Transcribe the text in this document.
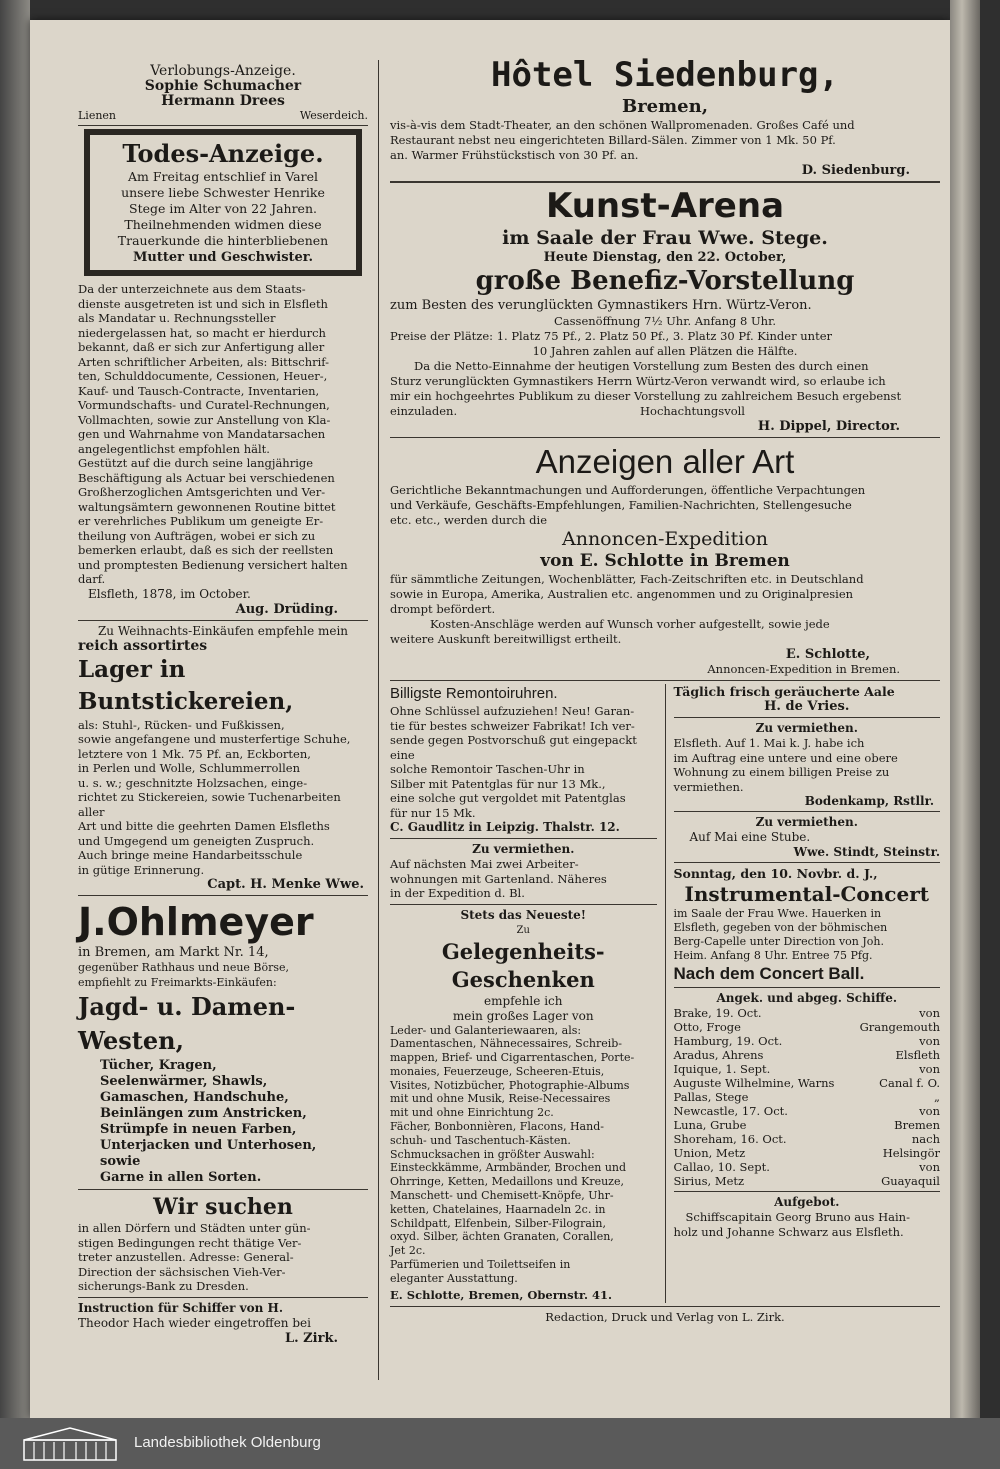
Verlobungs-Anzeige.

Sophie Schumacher

Hermann Drees

Lienen	Weserdeich.

Todes-Anzeige.

Am Freitag entschlief in Varel

unsere liebe Schwester Henrike

Stege im Alter von 22 Jahren.

Theilnehmenden widmen diese

Trauerkunde die hinterbliebenen

Mutter und Geschwister.

Da der unterzeichnete aus dem Staats-

dienste ausgetreten ist und sich in Elsfleth

als Mandatar u. Rechnungssteller

niedergelassen hat, so macht er hierdurch

bekannt, daß er sich zur Anfertigung aller

Arten schriftlicher Arbeiten, als: Bittschrif-

ten, Schulddocumente, Cessionen, Heuer-,

Kauf- und Tausch-Contracte, Inventarien,

Vormundschafts- und Curatel-Rechnungen,

Vollmachten, sowie zur Anstellung von Kla-

gen und Wahrnahme von Mandatarsachen

angelegentlichst empfohlen hält.

Gestützt auf die durch seine langjährige

Beschäftigung als Actuar bei verschiedenen

Großherzoglichen Amtsgerichten und Ver-

waltungsämtern gewonnenen Routine bittet

er verehrliches Publikum um geneigte Er-

theilung von Aufträgen, wobei er sich zu

bemerken erlaubt, daß es sich der reellsten

und promptesten Bedienung versichert halten

darf.

Elsfleth, 1878, im October.

Aug. Drüding.

Zu Weihnachts-Einkäufen empfehle mein

reich assortirtes

Lager in Buntstickereien,

als: Stuhl-, Rücken- und Fußkissen,

sowie angefangene und musterfertige Schuhe,

letztere von 1 Mk. 75 Pf. an, Eckborten,

in Perlen und Wolle, Schlummerrollen

u. s. w.; geschnitzte Holzsachen, einge-

richtet zu Stickereien, sowie Tuchenarbeiten aller

Art und bitte die geehrten Damen Elsfleths

und Umgegend um geneigten Zuspruch.

Auch bringe meine Handarbeitsschule

in gütige Erinnerung.

Capt. H. Menke Wwe.

J.Ohlmeyer

in Bremen, am Markt Nr. 14,

gegenüber Rathhaus und neue Börse,

empfiehlt zu Freimarkts-Einkäufen:

Jagd- u. Damen-Westen,

Tücher, Kragen,

Seelenwärmer, Shawls,

Gamaschen, Handschuhe,

Beinlängen zum Anstricken,

Strümpfe in neuen Farben,

Unterjacken und Unterhosen,

sowie

Garne in allen Sorten.

Wir suchen

in allen Dörfern und Städten unter gün-

stigen Bedingungen recht thätige Ver-

treter anzustellen. Adresse: General-

Direction der sächsischen Vieh-Ver-

sicherungs-Bank zu Dresden.

Instruction für Schiffer von H.

Theodor Hach wieder eingetroffen bei

L. Zirk.

Hôtel Siedenburg,

Bremen,

vis-à-vis dem Stadt-Theater, an den schönen Wallpromenaden. Großes Café und

Restaurant nebst neu eingerichteten Billard-Sälen. Zimmer von 1 Mk. 50 Pf.

an. Warmer Frühstückstisch von 30 Pf. an.

D. Siedenburg.

Kunst-Arena

im Saale der Frau Wwe. Stege.

Heute Dienstag, den 22. October,

große Benefiz-Vorstellung

zum Besten des verunglückten Gymnastikers Hrn. Würtz-Veron.

Cassenöffnung 7½ Uhr. Anfang 8 Uhr.

Preise der Plätze: 1. Platz 75 Pf., 2. Platz 50 Pf., 3. Platz 30 Pf. Kinder unter

10 Jahren zahlen auf allen Plätzen die Hälfte.

Da die Netto-Einnahme der heutigen Vorstellung zum Besten des durch einen

Sturz verunglückten Gymnastikers Herrn Würtz-Veron verwandt wird, so erlaube ich

mir ein hochgeehrtes Publikum zu dieser Vorstellung zu zahlreichem Besuch ergebenst

einzuladen.	Hochachtungsvoll

H. Dippel, Director.

Anzeigen aller Art

Gerichtliche Bekanntmachungen und Aufforderungen, öffentliche Verpachtungen

und Verkäufe, Geschäfts-Empfehlungen, Familien-Nachrichten, Stellengesuche

etc. etc., werden durch die

Annoncen-Expedition

von E. Schlotte in Bremen

für sämmtliche Zeitungen, Wochenblätter, Fach-Zeitschriften etc. in Deutschland

sowie in Europa, Amerika, Australien etc. angenommen und zu Originalpresien

drompt befördert.

Kosten-Anschläge werden auf Wunsch vorher aufgestellt, sowie jede

weitere Auskunft bereitwilligst ertheilt.

E. Schlotte,

Annoncen-Expedition in Bremen.

Billigste Remontoiruhren.

Ohne Schlüssel aufzuziehen! Neu! Garan-

tie für bestes schweizer Fabrikat! Ich ver-

sende gegen Postvorschuß gut eingepackt eine

solche Remontoir Taschen-Uhr in

Silber mit Patentglas für nur 13 Mk.,

eine solche gut vergoldet mit Patentglas

für nur 15 Mk.

C. Gaudlitz in Leipzig. Thalstr. 12.

Zu vermiethen.

Auf nächsten Mai zwei Arbeiter-

wohnungen mit Gartenland. Näheres

in der Expedition d. Bl.

Stets das Neueste!

Zu

Gelegenheits-Geschenken

empfehle ich

mein großes Lager von

Leder- und Galanteriewaaren, als:

Damentaschen, Nähnecessaires, Schreib-

mappen, Brief- und Cigarrentaschen, Porte-

monaies, Feuerzeuge, Scheeren-Etuis,

Visites, Notizbücher, Photographie-Albums

mit und ohne Musik, Reise-Necessaires

mit und ohne Einrichtung 2c.

Fächer, Bonbonnièren, Flacons, Hand-

schuh- und Taschentuch-Kästen.

Schmucksachen in größter Auswahl:

Einsteckkämme, Armbänder, Brochen und

Ohrringe, Ketten, Medaillons und Kreuze,

Manschett- und Chemisett-Knöpfe, Uhr-

ketten, Chatelaines, Haarnadeln 2c. in

Schildpatt, Elfenbein, Silber-Filograin,

oxyd. Silber, ächten Granaten, Corallen,

Jet 2c.

Parfümerien und Toilettseifen in

eleganter Ausstattung.

E. Schlotte, Bremen, Obernstr. 41.

Täglich frisch geräucherte Aale

H. de Vries.

Zu vermiethen.

Elsfleth. Auf 1. Mai k. J. habe ich

im Auftrag eine untere und eine obere

Wohnung zu einem billigen Preise zu

vermiethen.

Bodenkamp, Rstllr.

Zu vermiethen.

Auf Mai eine Stube.

Wwe. Stindt, Steinstr.

Sonntag, den 10. Novbr. d. J.,

Instrumental-Concert

im Saale der Frau Wwe. Hauerken in

Elsfleth, gegeben von der böhmischen

Berg-Capelle unter Direction von Joh.

Heim. Anfang 8 Uhr. Entree 75 Pfg.

Nach dem Concert Ball.

Angek. und abgeg. Schiffe.

Brake, 19. Oct.	von
Otto, Froge	Grangemouth
Hamburg, 19. Oct.	von
Aradus, Ahrens	Elsfleth
Iquique, 1. Sept.	von
Auguste Wilhelmine, Warns	Canal f. O.
Pallas, Stege	„
Newcastle, 17. Oct.	von
Luna, Grube	Bremen
Shoreham, 16. Oct.	nach
Union, Metz	Helsingör
Callao, 10. Sept.	von
Sirius, Metz	Guayaquil

Aufgebot.

Schiffscapitain Georg Bruno aus Hain-

holz und Johanne Schwarz aus Elsfleth.

Redaction, Druck und Verlag von L. Zirk.

Landesbibliothek Oldenburg
